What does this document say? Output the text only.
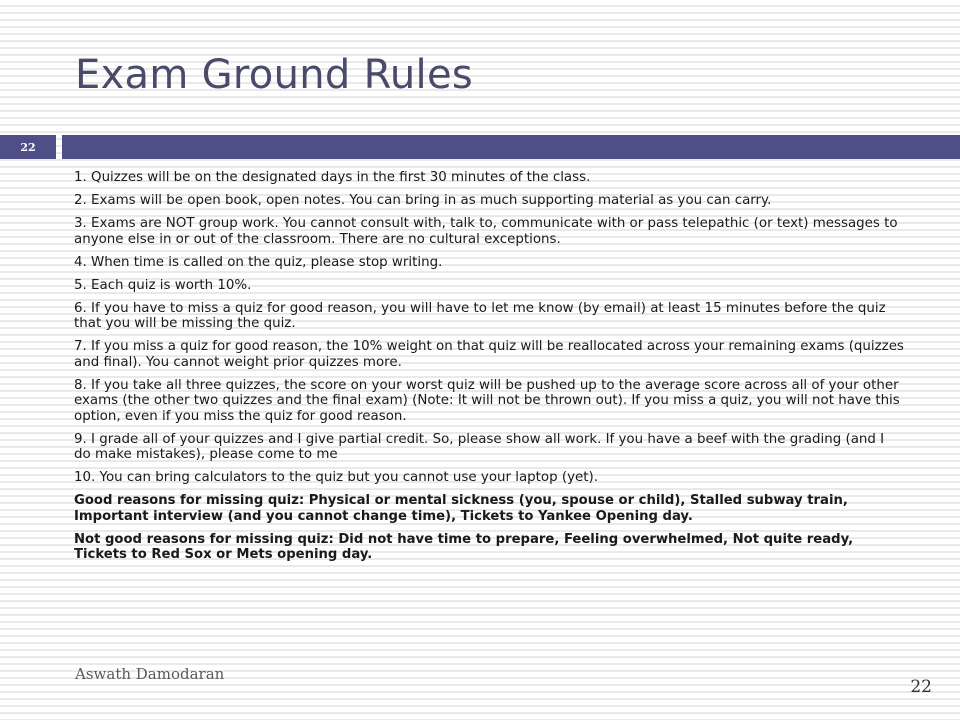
Exam Ground Rules
22

1. Quizzes will be on the designated days in the first 30 minutes of the class.

2. Exams will be open book, open notes. You can bring in as much supporting material as you can carry.

3. Exams are NOT group work. You cannot consult with, talk to, communicate with or pass telepathic (or text) messages to anyone else in or out of the classroom. There are no cultural exceptions.

4. When time is called on the quiz, please stop writing.

5. Each quiz is worth 10%.

6. If you have to miss a quiz for good reason, you will have to let me know (by email) at least 15 minutes before the quiz that you will be missing the quiz.

7. If you miss a quiz for good reason, the 10% weight on that quiz will be reallocated across your remaining exams (quizzes and final). You cannot weight prior quizzes more.

8. If you take all three quizzes, the score on your worst quiz will be pushed up to the average score across all of your other exams (the other two quizzes and the final exam) (Note: It will not be thrown out). If you miss a quiz, you will not have this option, even if you miss the quiz for good reason.

9. I grade all of your quizzes and I give partial credit. So, please show all work. If you have a beef with the grading (and I do make mistakes), please come to me

10. You can bring calculators to the quiz but you cannot use your laptop (yet).

Good reasons for missing quiz: Physical or mental sickness (you, spouse or child), Stalled subway train, Important interview (and you cannot change time), Tickets to Yankee Opening day.

Not good reasons for missing quiz: Did not have time to prepare, Feeling overwhelmed, Not quite ready, Tickets to Red Sox or Mets opening day.

Aswath Damodaran
22
